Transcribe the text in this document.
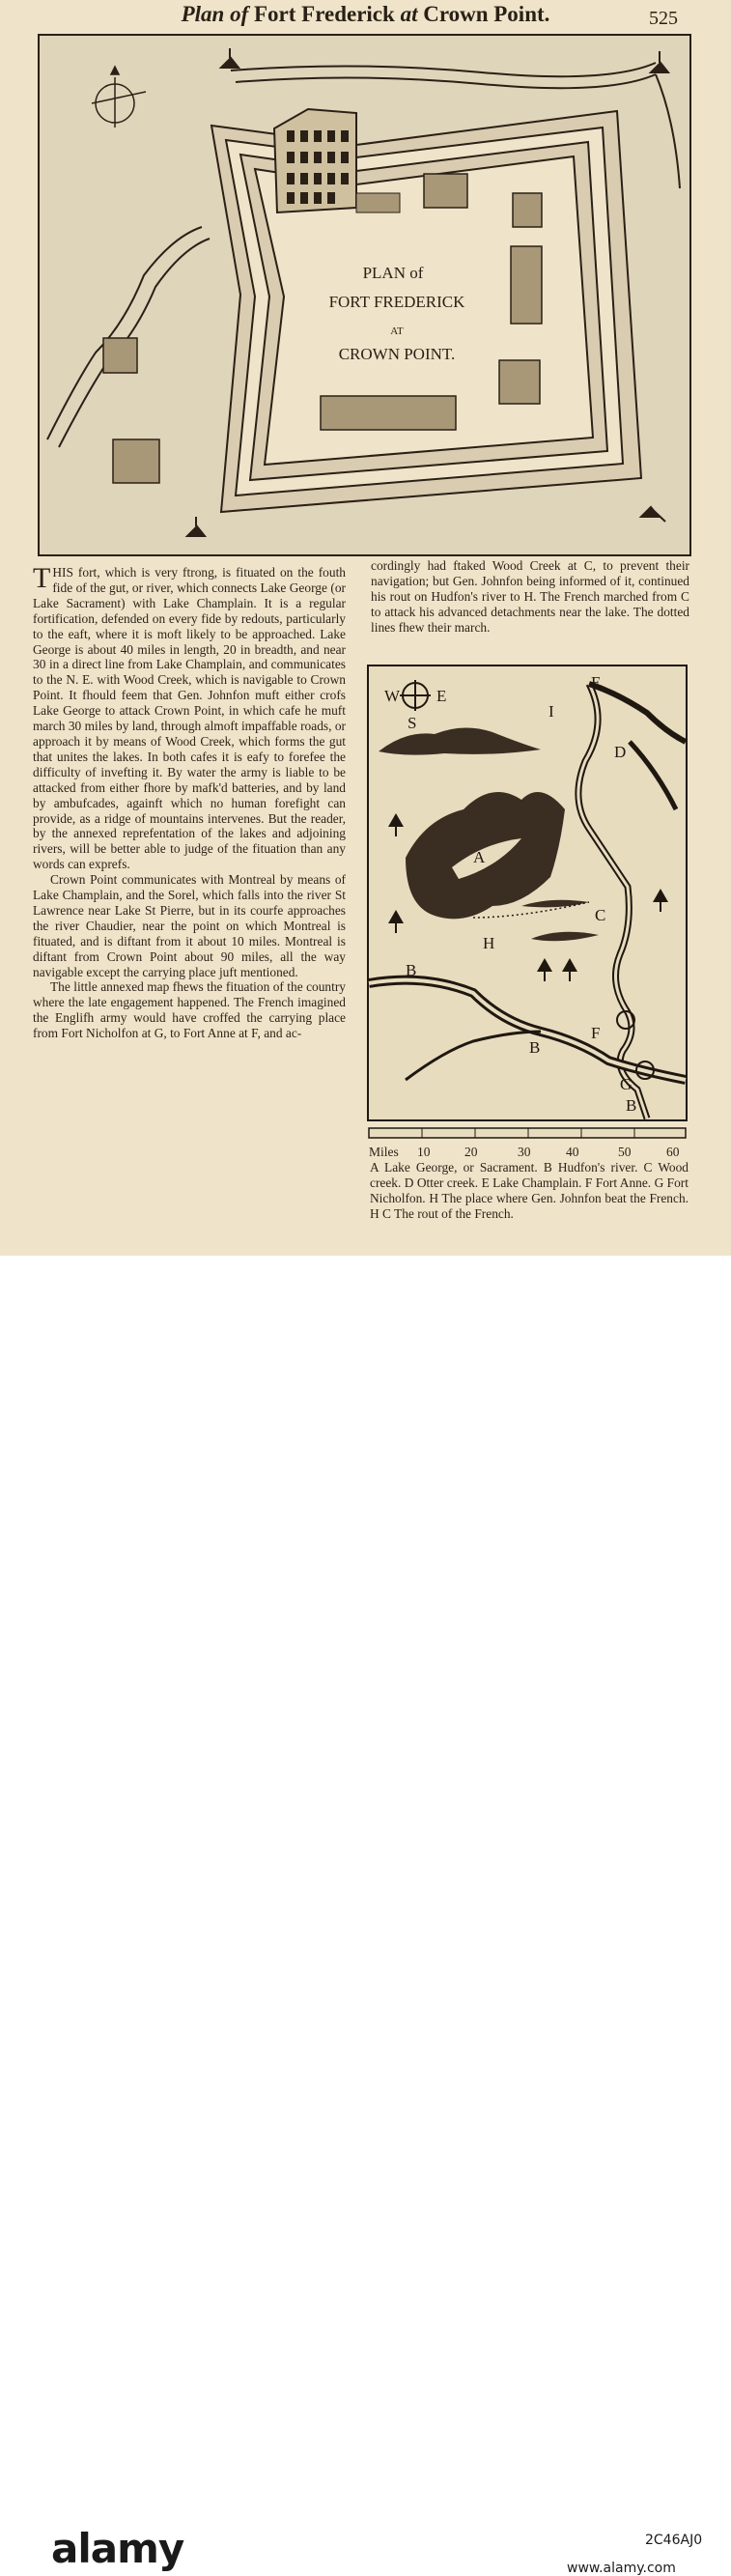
Plan of Fort Frederick at Crown Point.	525
PLAN of
FORT FREDERICK
AT
CROWN POINT.

THIS fort, which is very ftrong, is fituated on the fouth fide of the gut, or river, which connects Lake George (or Lake Sacrament) with Lake Champlain. It is a regular fortification, defended on every fide by redouts, particularly to the eaft, where it is moft likely to be approached. Lake George is about 40 miles in length, 20 in breadth, and near 30 in a direct line from Lake Champlain, and communicates to the N. E. with Wood Creek, which is navigable to Crown Point. It fhould feem that Gen. Johnfon muft either crofs Lake George to attack Crown Point, in which cafe he muft march 30 miles by land, through almoft impaffable roads, or approach it by means of Wood Creek, which forms the gut that unites the lakes. In both cafes it is eafy to forefee the difficulty of invefting it. By water the army is liable to be attacked from either fhore by mafk'd batteries, and by land by ambufcades, againft which no human forefight can provide, as a ridge of mountains intervenes. But the reader, by the annexed reprefentation of the lakes and adjoining rivers, will be better able to judge of the fituation than any words can exprefs.

Crown Point communicates with Montreal by means of Lake Champlain, and the Sorel, which falls into the river St Lawrence near Lake St Pierre, but in its courfe approaches the river Chaudier, near the point on which Montreal is fituated, and is diftant from it about 10 miles. Montreal is diftant from Crown Point about 90 miles, all the way navigable except the carrying place juft mentioned.

The little annexed map fhews the fituation of the country where the late engagement happened. The French imagined the Englifh army would have croffed the carrying place from Fort Nicholfon at G, to Fort Anne at F, and ac-

cordingly had ftaked Wood Creek at C, to prevent their navigation; but Gen. Johnfon being informed of it, continued his rout on Hudfon's river to H. The French marched from C to attack his advanced detachments near the lake. The dotted lines fhew their march.

W E
S
A
B
B
B
C
D
E
F
G
H
I
Miles 10	20	30	40	50	60
A Lake George, or Sacrament. B Hudfon's river. C Wood creek. D Otter creek. E Lake Champlain. F Fort Anne. G Fort Nicholfon. H The place where Gen. Johnfon beat the French. H C The rout of the French.
alamy	2C46AJ0
www.alamy.com
